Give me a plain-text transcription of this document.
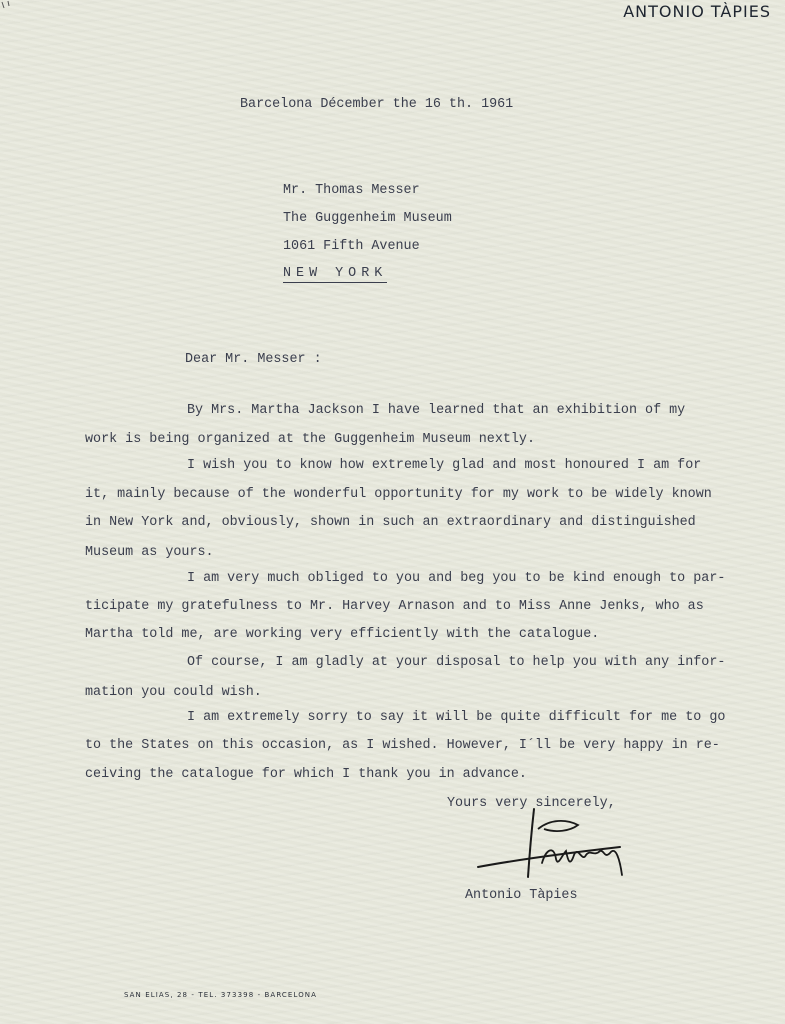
ANTONIO TÀPIES
Barcelona Décember the 16 th. 1961
Mr. Thomas Messer
The Guggenheim Museum
1061 Fifth Avenue
NEW YORK
Dear Mr. Messer :
By Mrs. Martha Jackson I have learned that an exhibition of my
work is being organized at the Guggenheim Museum nextly.
I wish you to know how extremely glad and most honoured I am for
it, mainly because of the wonderful opportunity for my work to be widely known
in New York and, obviously, shown in such an extraordinary and distinguished
Museum as yours.
I am very much obliged to you and beg you to be kind enough to par-
ticipate my gratefulness to Mr. Harvey Arnason and to Miss Anne Jenks, who as
Martha told me, are working very efficiently with the catalogue.
Of course, I am gladly at your disposal to help you with any infor-
mation you could wish.
I am extremely sorry to say it will be quite difficult for me to go
to the States on this occasion, as I wished. However, I´ll be very happy in re-
ceiving the catalogue for which I thank you in advance.
Yours very sincerely,
Antonio Tàpies
SAN ELIAS, 28 - TEL. 373398 - BARCELONA
